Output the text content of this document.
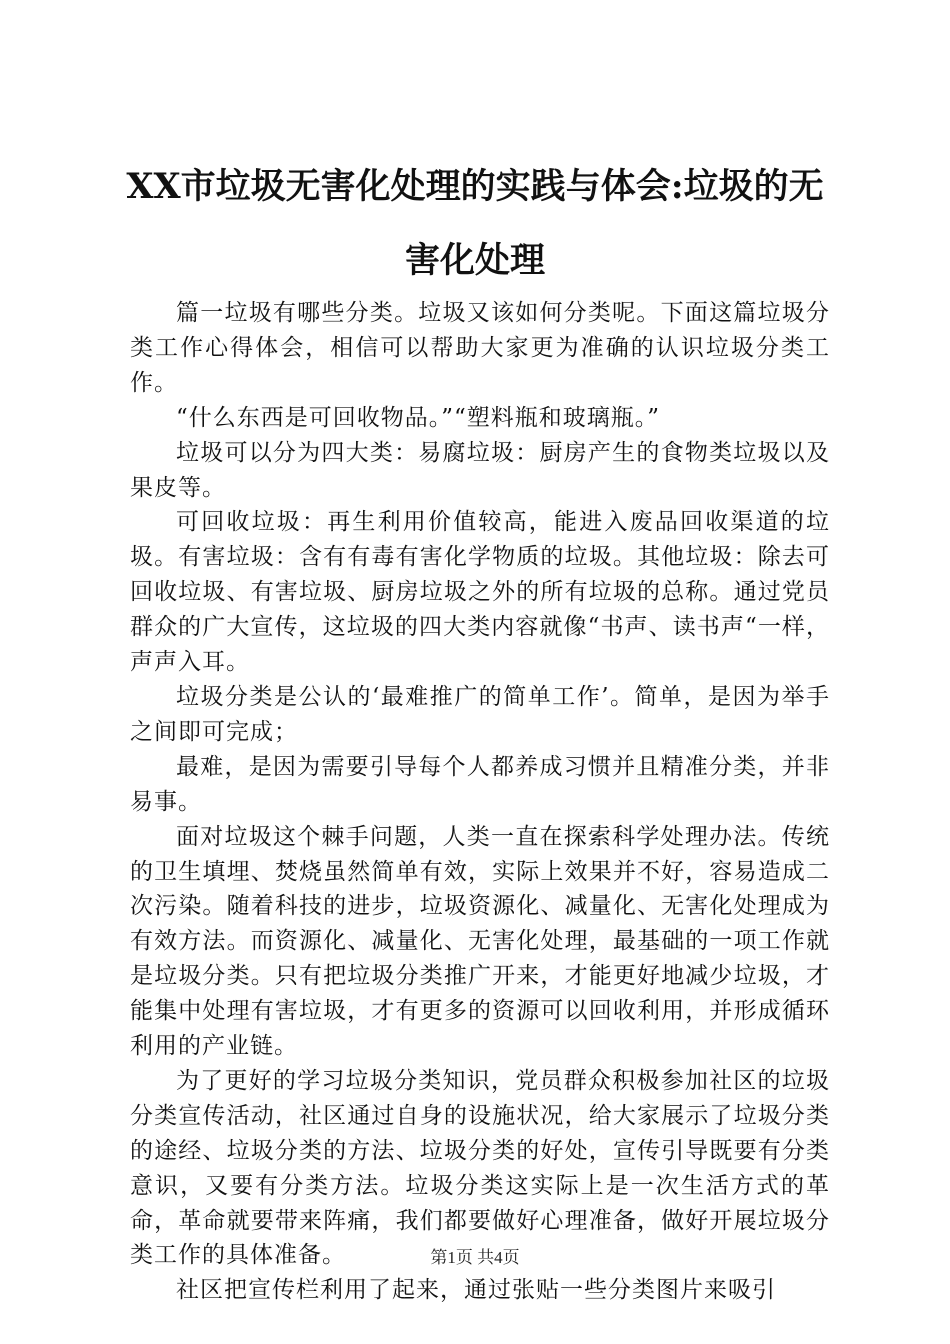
XX市垃圾无害化处理的实践与体会:垃圾的无害化处理

篇一垃圾有哪些分类。垃圾又该如何分类呢。下面这篇垃圾分类工作心得体会，相信可以帮助大家更为准确的认识垃圾分类工作。

“什么东西是可回收物品。”“塑料瓶和玻璃瓶。”

垃圾可以分为四大类：易腐垃圾：厨房产生的食物类垃圾以及果皮等。

可回收垃圾：再生利用价值较高，能进入废品回收渠道的垃圾。有害垃圾：含有有毒有害化学物质的垃圾。其他垃圾：除去可回收垃圾、有害垃圾、厨房垃圾之外的所有垃圾的总称。通过党员群众的广大宣传，这垃圾的四大类内容就像“书声、读书声“一样，声声入耳。

垃圾分类是公认的‘最难推广的简单工作’。简单，是因为举手之间即可完成；

最难，是因为需要引导每个人都养成习惯并且精准分类，并非易事。

面对垃圾这个棘手问题，人类一直在探索科学处理办法。传统的卫生填埋、焚烧虽然简单有效，实际上效果并不好，容易造成二次污染。随着科技的进步，垃圾资源化、减量化、无害化处理成为有效方法。而资源化、减量化、无害化处理，最基础的一项工作就是垃圾分类。只有把垃圾分类推广开来，才能更好地减少垃圾，才能集中处理有害垃圾，才有更多的资源可以回收利用，并形成循环利用的产业链。

为了更好的学习垃圾分类知识，党员群众积极参加社区的垃圾分类宣传活动，社区通过自身的设施状况，给大家展示了垃圾分类的途经、垃圾分类的方法、垃圾分类的好处，宣传引导既要有分类意识，又要有分类方法。垃圾分类这实际上是一次生活方式的革命，革命就要带来阵痛，我们都要做好心理准备，做好开展垃圾分类工作的具体准备。

社区把宣传栏利用了起来，通过张贴一些分类图片来吸引

第1页 共4页
